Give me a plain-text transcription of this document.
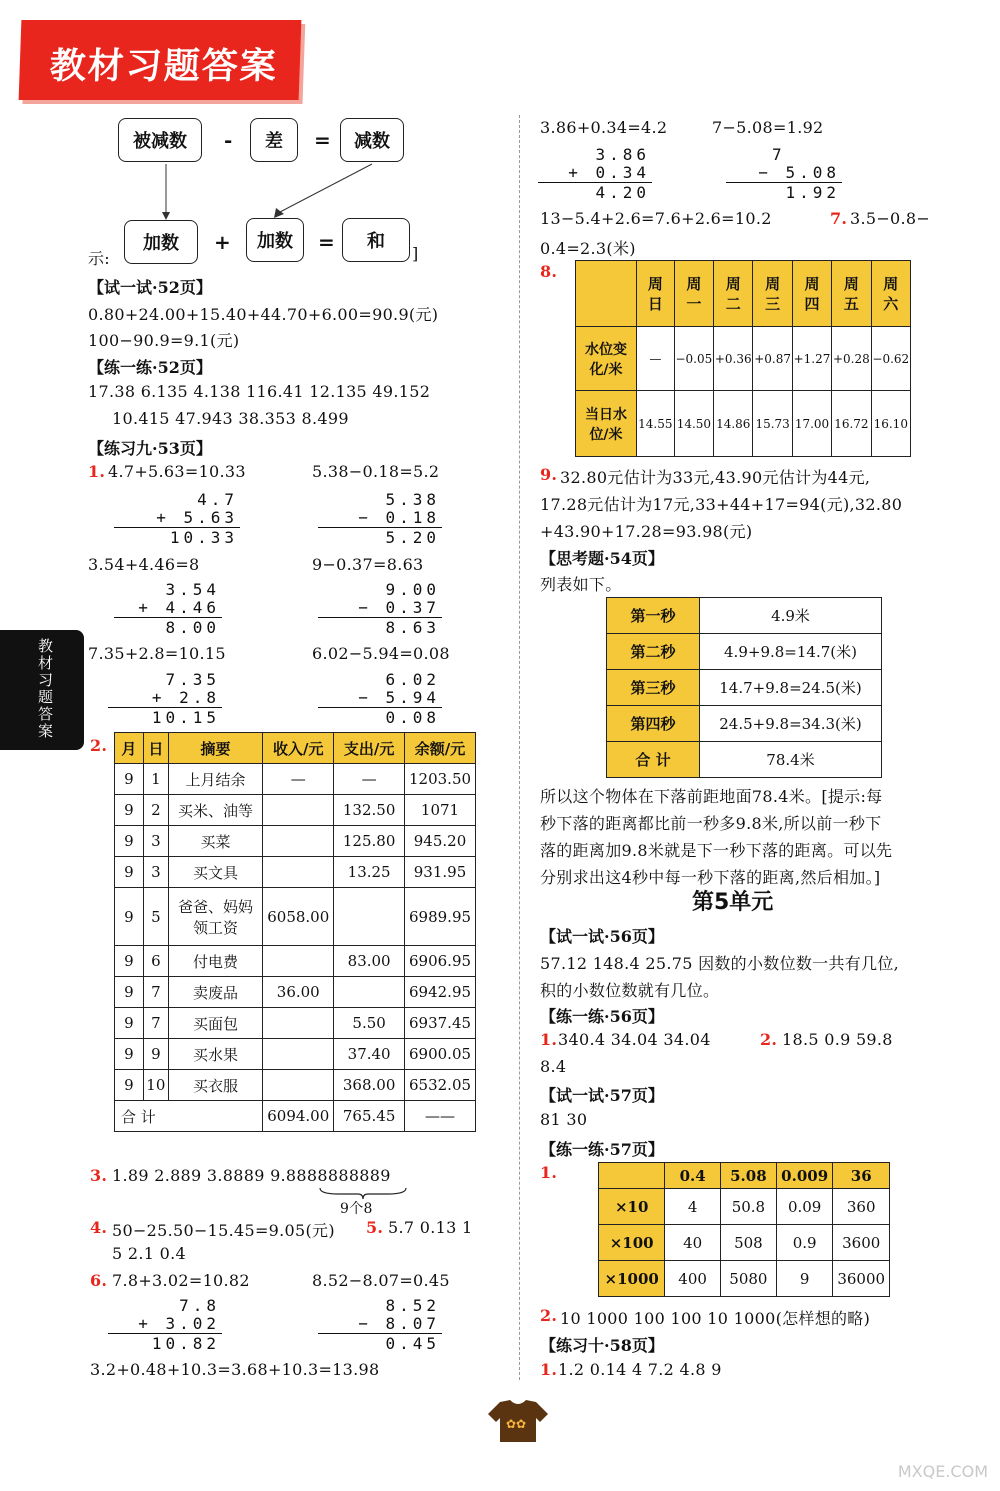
教材习题答案
教材习题答案
被减数	-	差	=	减数
示:
加数	+	加数	=	和
]
【试一试·52页】
0.80+24.00+15.40+44.70+6.00=90.9(元)
100−90.9=9.1(元)
【练一练·52页】
17.38 6.135 4.138 116.41 12.135 49.152
10.415 47.943 38.353 8.499
【练习九·53页】
1. 4.7+5.63=10.33	5.38−0.18=5.2
4.7
+ 5.63
10.33
5.38
− 0.18
5.20
3.54+4.46=8	9−0.37=8.63
3.54
+ 4.46
8.00
9.00
− 0.37
8.63
7.35+2.8=10.15	6.02−5.94=0.08
7.35
+ 2.8
10.15
6.02
− 5.94
0.08
2. 月	日	摘要	收入/元	支出/元	余额/元
9	1	上月结余	—	—	1203.50
9	2	买米、油等		132.50	1071
9	3	买菜		125.80	945.20
9	3	买文具		13.25	931.95
9	5	爸爸、妈妈领工资	6058.00		6989.95
9	6	付电费		83.00	6906.95
9	7	卖废品	36.00		6942.95
9	7	买面包		5.50	6937.45
9	9	买水果		37.40	6900.05
9	10	买衣服		368.00	6532.05
合 计			6094.00	765.45	——
3. 1.89 2.889 3.8889 9.8888888889
9个8
4. 50−25.50−15.45=9.05(元) 5. 5.7 0.13 1
5 2.1 0.4
6. 7.8+3.02=10.82	8.52−8.07=0.45
7.8
+ 3.02
10.82
8.52
− 8.07
0.45
3.2+0.48+10.3=3.68+10.3=13.98
3.86+0.34=4.2	7−5.08=1.92
3.86
+ 0.34
4.20
7
− 5.08
1.92
13−5.4+2.6=7.6+2.6=10.2	7. 3.5−0.8−
0.4=2.3(米)
8.
	周日	周一	周二	周三	周四	周五	周六
水位变化/米	—	−0.05	+0.36	+0.87	+1.27	+0.28	−0.62
当日水位/米	14.55	14.50	14.86	15.73	17.00	16.72	16.10
9. 32.80元估计为33元,43.90元估计为44元,
17.28元估计为17元,33+44+17=94(元),32.80
+43.90+17.28=93.98(元)
【思考题·54页】
列表如下。
第一秒	4.9米
第二秒	4.9+9.8=14.7(米)
第三秒	14.7+9.8=24.5(米)
第四秒	24.5+9.8=34.3(米)
合 计	78.4米
所以这个物体在下落前距地面78.4米。[提示:每
秒下落的距离都比前一秒多9.8米,所以前一秒下
落的距离加9.8米就是下一秒下落的距离。可以先
分别求出这4秒中每一秒下落的距离,然后相加。]
第5单元
【试一试·56页】
57.12 148.4 25.75 因数的小数位数一共有几位,
积的小数位数就有几位。
【练一练·56页】
1. 340.4 34.04 34.04	2. 18.5 0.9 59.8
8.4
【试一试·57页】
81 30
【练一练·57页】
1.
		0.4	5.08	0.009	36
×10	4	50.8	0.09	360
×100	40	508	0.9	3600
×1000	400	5080	9	36000
2. 10 1000 100 100 10 1000(怎样想的略)
【练习十·58页】
1. 1.2 0.14 4 7.2 4.8 9
✿✿
MXQE.COM
